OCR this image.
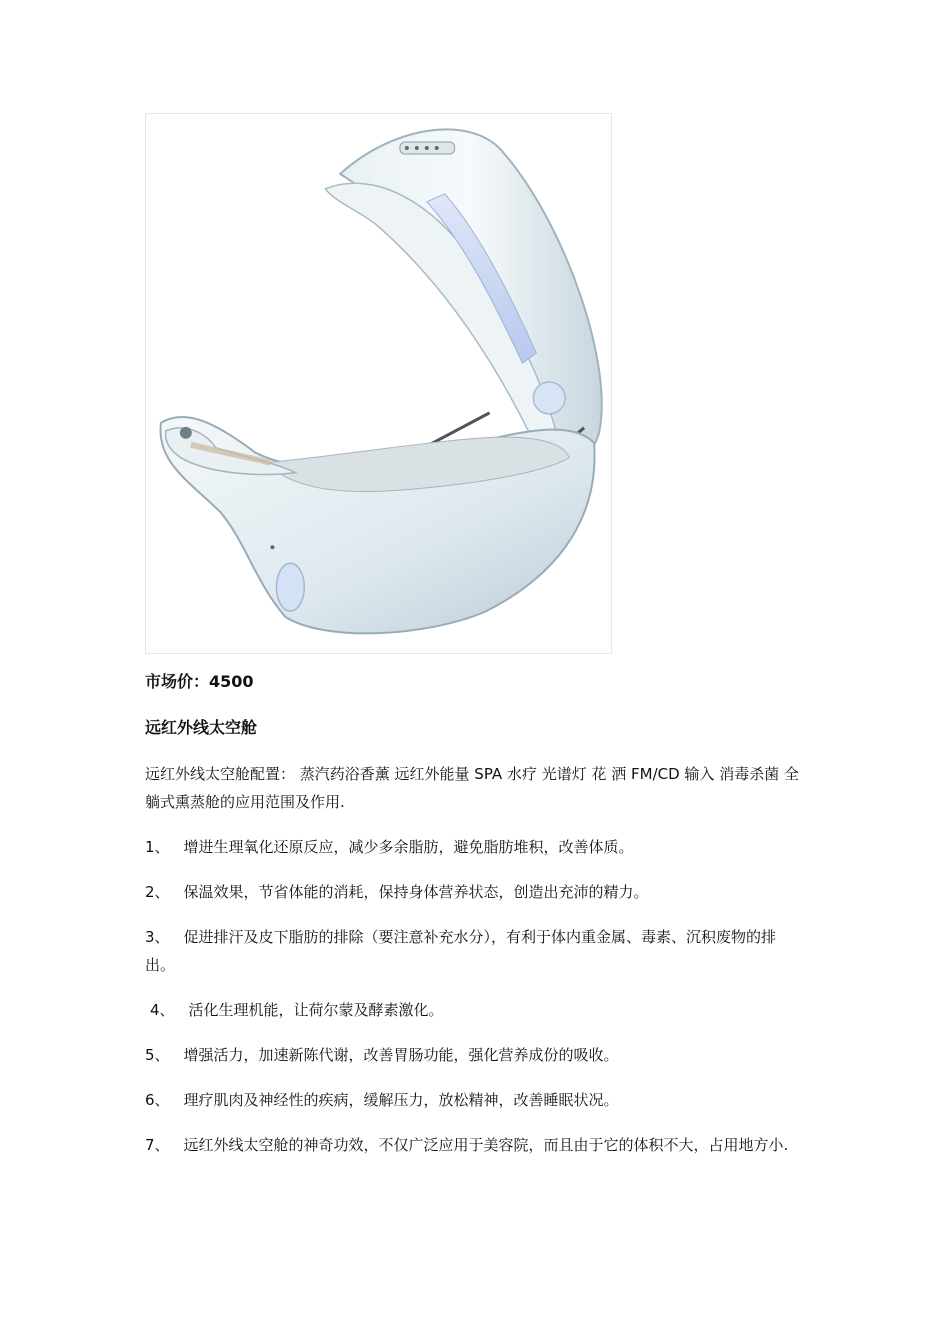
市场价：4500
远红外线太空舱
远红外线太空舱配置： 蒸汽药浴香薰 远红外能量 SPA 水疗 光谱灯 花 洒 FM/CD 输入 消毒杀菌 全躺式熏蒸舱的应用范围及作用.
1、 增进生理氧化还原反应，减少多余脂肪，避免脂肪堆积，改善体质。
2、 保温效果，节省体能的消耗，保持身体营养状态，创造出充沛的精力。
3、 促进排汗及皮下脂肪的排除（要注意补充水分），有利于体内重金属、毒素、沉积废物的排出。
4、 活化生理机能，让荷尔蒙及酵素激化。
5、 增强活力，加速新陈代谢，改善胃肠功能，强化营养成份的吸收。
6、 理疗肌肉及神经性的疾病，缓解压力，放松精神，改善睡眠状况。
7、 远红外线太空舱的神奇功效，不仅广泛应用于美容院，而且由于它的体积不大，占用地方小.
